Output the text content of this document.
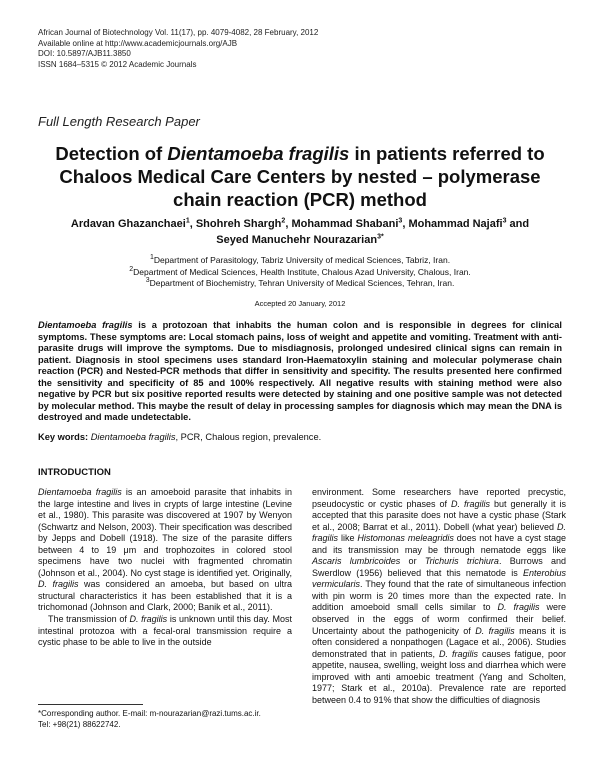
African Journal of Biotechnology Vol. 11(17), pp. 4079-4082, 28 February, 2012
Available online at http://www.academicjournals.org/AJB
DOI: 10.5897/AJB11.3850
ISSN 1684–5315 © 2012 Academic Journals
Full Length Research Paper
Detection of Dientamoeba fragilis in patients referred to Chaloos Medical Care Centers by nested – polymerase chain reaction (PCR) method
Ardavan Ghazanchaei$^1$, Shohreh Shargh$^2$, Mohammad Shabani$^3$, Mohammad Najafi$^3$ and
Seyed Manuchehr Nourazarian$^{3*}$
$^1$Department of Parasitology, Tabriz University of medical Sciences, Tabriz, Iran.
$^2$Department of Medical Sciences, Health Institute, Chalous Azad University, Chalous, Iran.
$^3$Department of Biochemistry, Tehran University of Medical Sciences, Tehran, Iran.
Accepted 20 January, 2012
Dientamoeba fragilis is a protozoan that inhabits the human colon and is responsible in degrees for clinical symptoms. These symptoms are: Local stomach pains, loss of weight and appetite and vomiting. Treatment with anti-parasite drugs will improve the symptoms. Due to misdiagnosis, prolonged undesired clinical signs can remain in patient. Diagnosis in stool specimens uses standard Iron-Haematoxylin staining and molecular polymerase chain reaction (PCR) and Nested-PCR methods that differ in sensitivity and specifity. The results presented here confirmed the sensitivity and specificity of 85 and 100% respectively. All negative results with staining method were also negative by PCR but six positive reported results were detected by staining and one positive sample was not detected by molecular method. This maybe the result of delay in processing samples for diagnosis which may mean the DNA is destroyed and made undetectable.
Key words: Dientamoeba fragilis, PCR, Chalous region, prevalence.
INTRODUCTION

Dientamoeba fragilis is an amoeboid parasite that inhabits in the large intestine and lives in crypts of large intestine (Levine et al., 1980). This parasite was discovered at 1907 by Wenyon (Schwartz and Nelson, 2003). Their specification was described by Jepps and Dobell (1918). The size of the parasite differs between 4 to 19 μm and trophozoites in colored stool specimens have two nuclei with fragmented chromatin (Johnson et al., 2004). No cyst stage is identified yet. Originally, D. fragilis was considered an amoeba, but based on ultra structural characteristics it has been established that it is a trichomonad (Johnson and Clark, 2000; Banik et al., 2011).

The transmission of D. fragilis is unknown until this day. Most intestinal protozoa with a fecal-oral transmission require a cystic phase to be able to live in the outside

environment. Some researchers have reported precystic, pseudocystic or cystic phases of D. fragilis but generally it is accepted that this parasite does not have a cystic phase (Stark et al., 2008; Barrat et al., 2011). Dobell (what year) believed D. fragilis like Histomonas meleagridis does not have a cyst stage and its transmission may be through nematode eggs like Ascaris lumbricoides or Trichuris trichiura. Burrows and Swerdlow (1956) believed that this nematode is Enterobius vermicularis. They found that the rate of simultaneous infection with pin worm is 20 times more than the expected rate. In addition amoeboid small cells similar to D. fragilis were observed in the eggs of worm confirmed their belief. Uncertainty about the pathogenicity of D. fragilis means it is often considered a nonpathogen (Lagace et al., 2006). Studies demonstrated that in patients, D. fragilis causes fatigue, poor appetite, nausea, swelling, weight loss and diarrhea which were improved with anti amoebic treatment (Yang and Scholten, 1977; Stark et al., 2010a). Prevalence rate are reported between 0.4 to 91% that show the difficulties of diagnosis

*Corresponding author. E-mail: m-nourazarian@razi.tums.ac.ir.
Tel: +98(21) 88622742.
